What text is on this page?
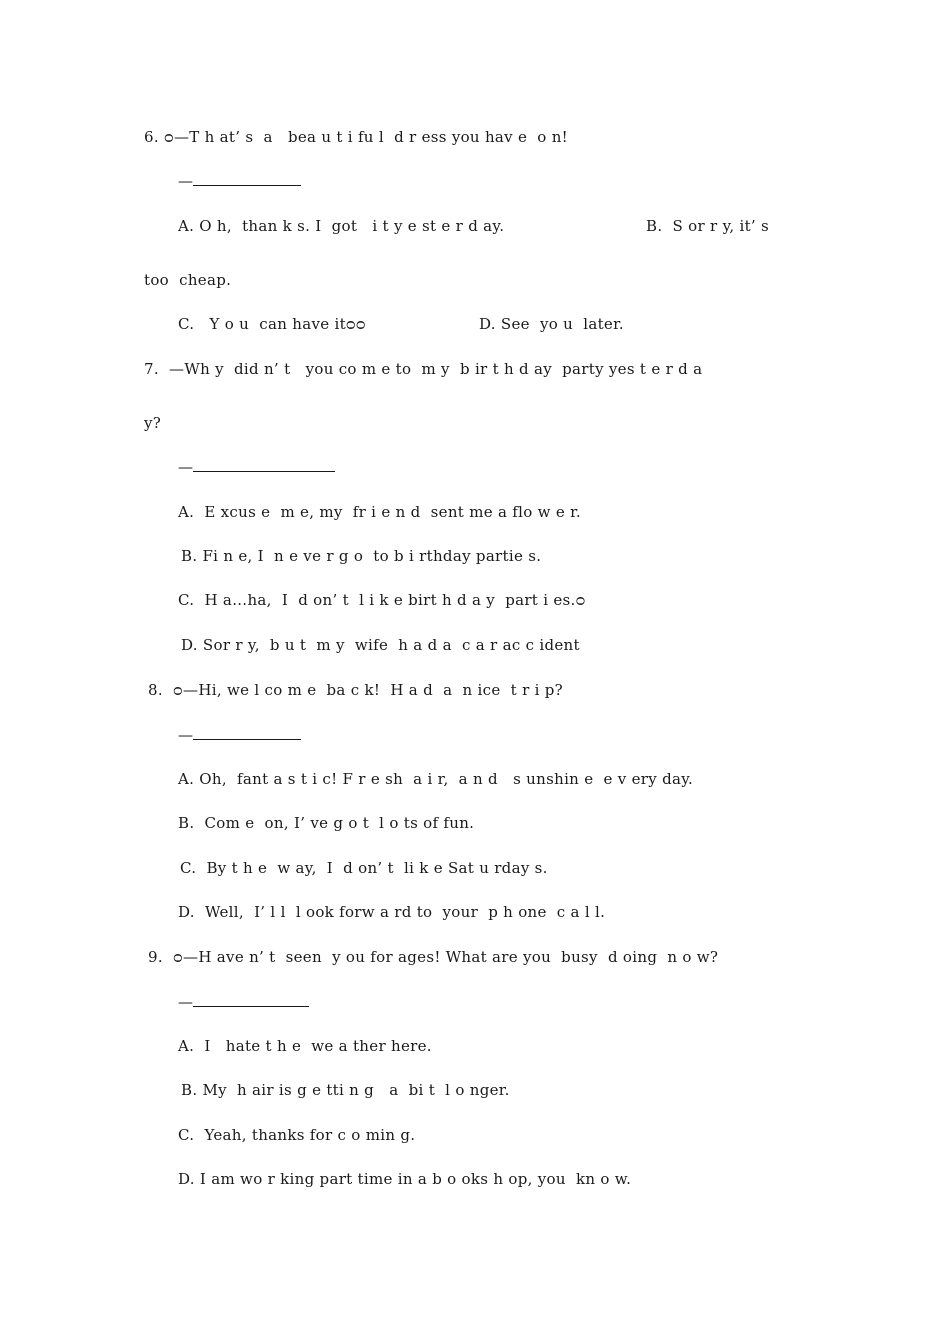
6. ᴑ—T h at’ s  a   bea u t i fu l  d r ess you hav e  o n!
—
A. O h,  than k s. I  got   i t y e st e r d ay.	B.  S or r y, it’ s
too  cheap.
C.   Y o u  can have itᴑᴑ	D. See  yo u  later.
7.  —Wh y  did n’ t   you co m e to  m y  b ir t h d ay  party yes t e r d a
y?
—
A.  E xcus e  m e, my  fr i e n d  sent me a flo w e r.
B. Fi n e, I  n e ve r g o  to b i rthday partie s.
C.  H a…ha,  I  d on’ t  l i k e birt h d a y  part i es.ᴑ
D. Sor r y,  b u t  m y  wife  h a d a  c a r ac c ident
8.  ᴑ—Hi, we l co m e  ba c k!  H a d  a  n ice  t r i p?
—
A. Oh,  fant a s t i c! F r e sh  a i r,  a n d   s unshin e  e v ery day.
B.  Com e  on, I’ ve g o t  l o ts of fun.
C.  By t h e  w ay,  I  d on’ t  li k e Sat u rday s.
D.  Well,  I’ l l  l ook forw a rd to  your  p h one  c a l l.
9.  ᴑ—H ave n’ t  seen  y ou for ages! What are you  busy  d oing  n o w?
—
A.  I   hate t h e  we a ther here.
B. My  h air is g e tti n g   a  bi t  l o nger.
C.  Yeah, thanks for c o min g.
D. I am wo r king part time in a b o oks h op, you  kn o w.
